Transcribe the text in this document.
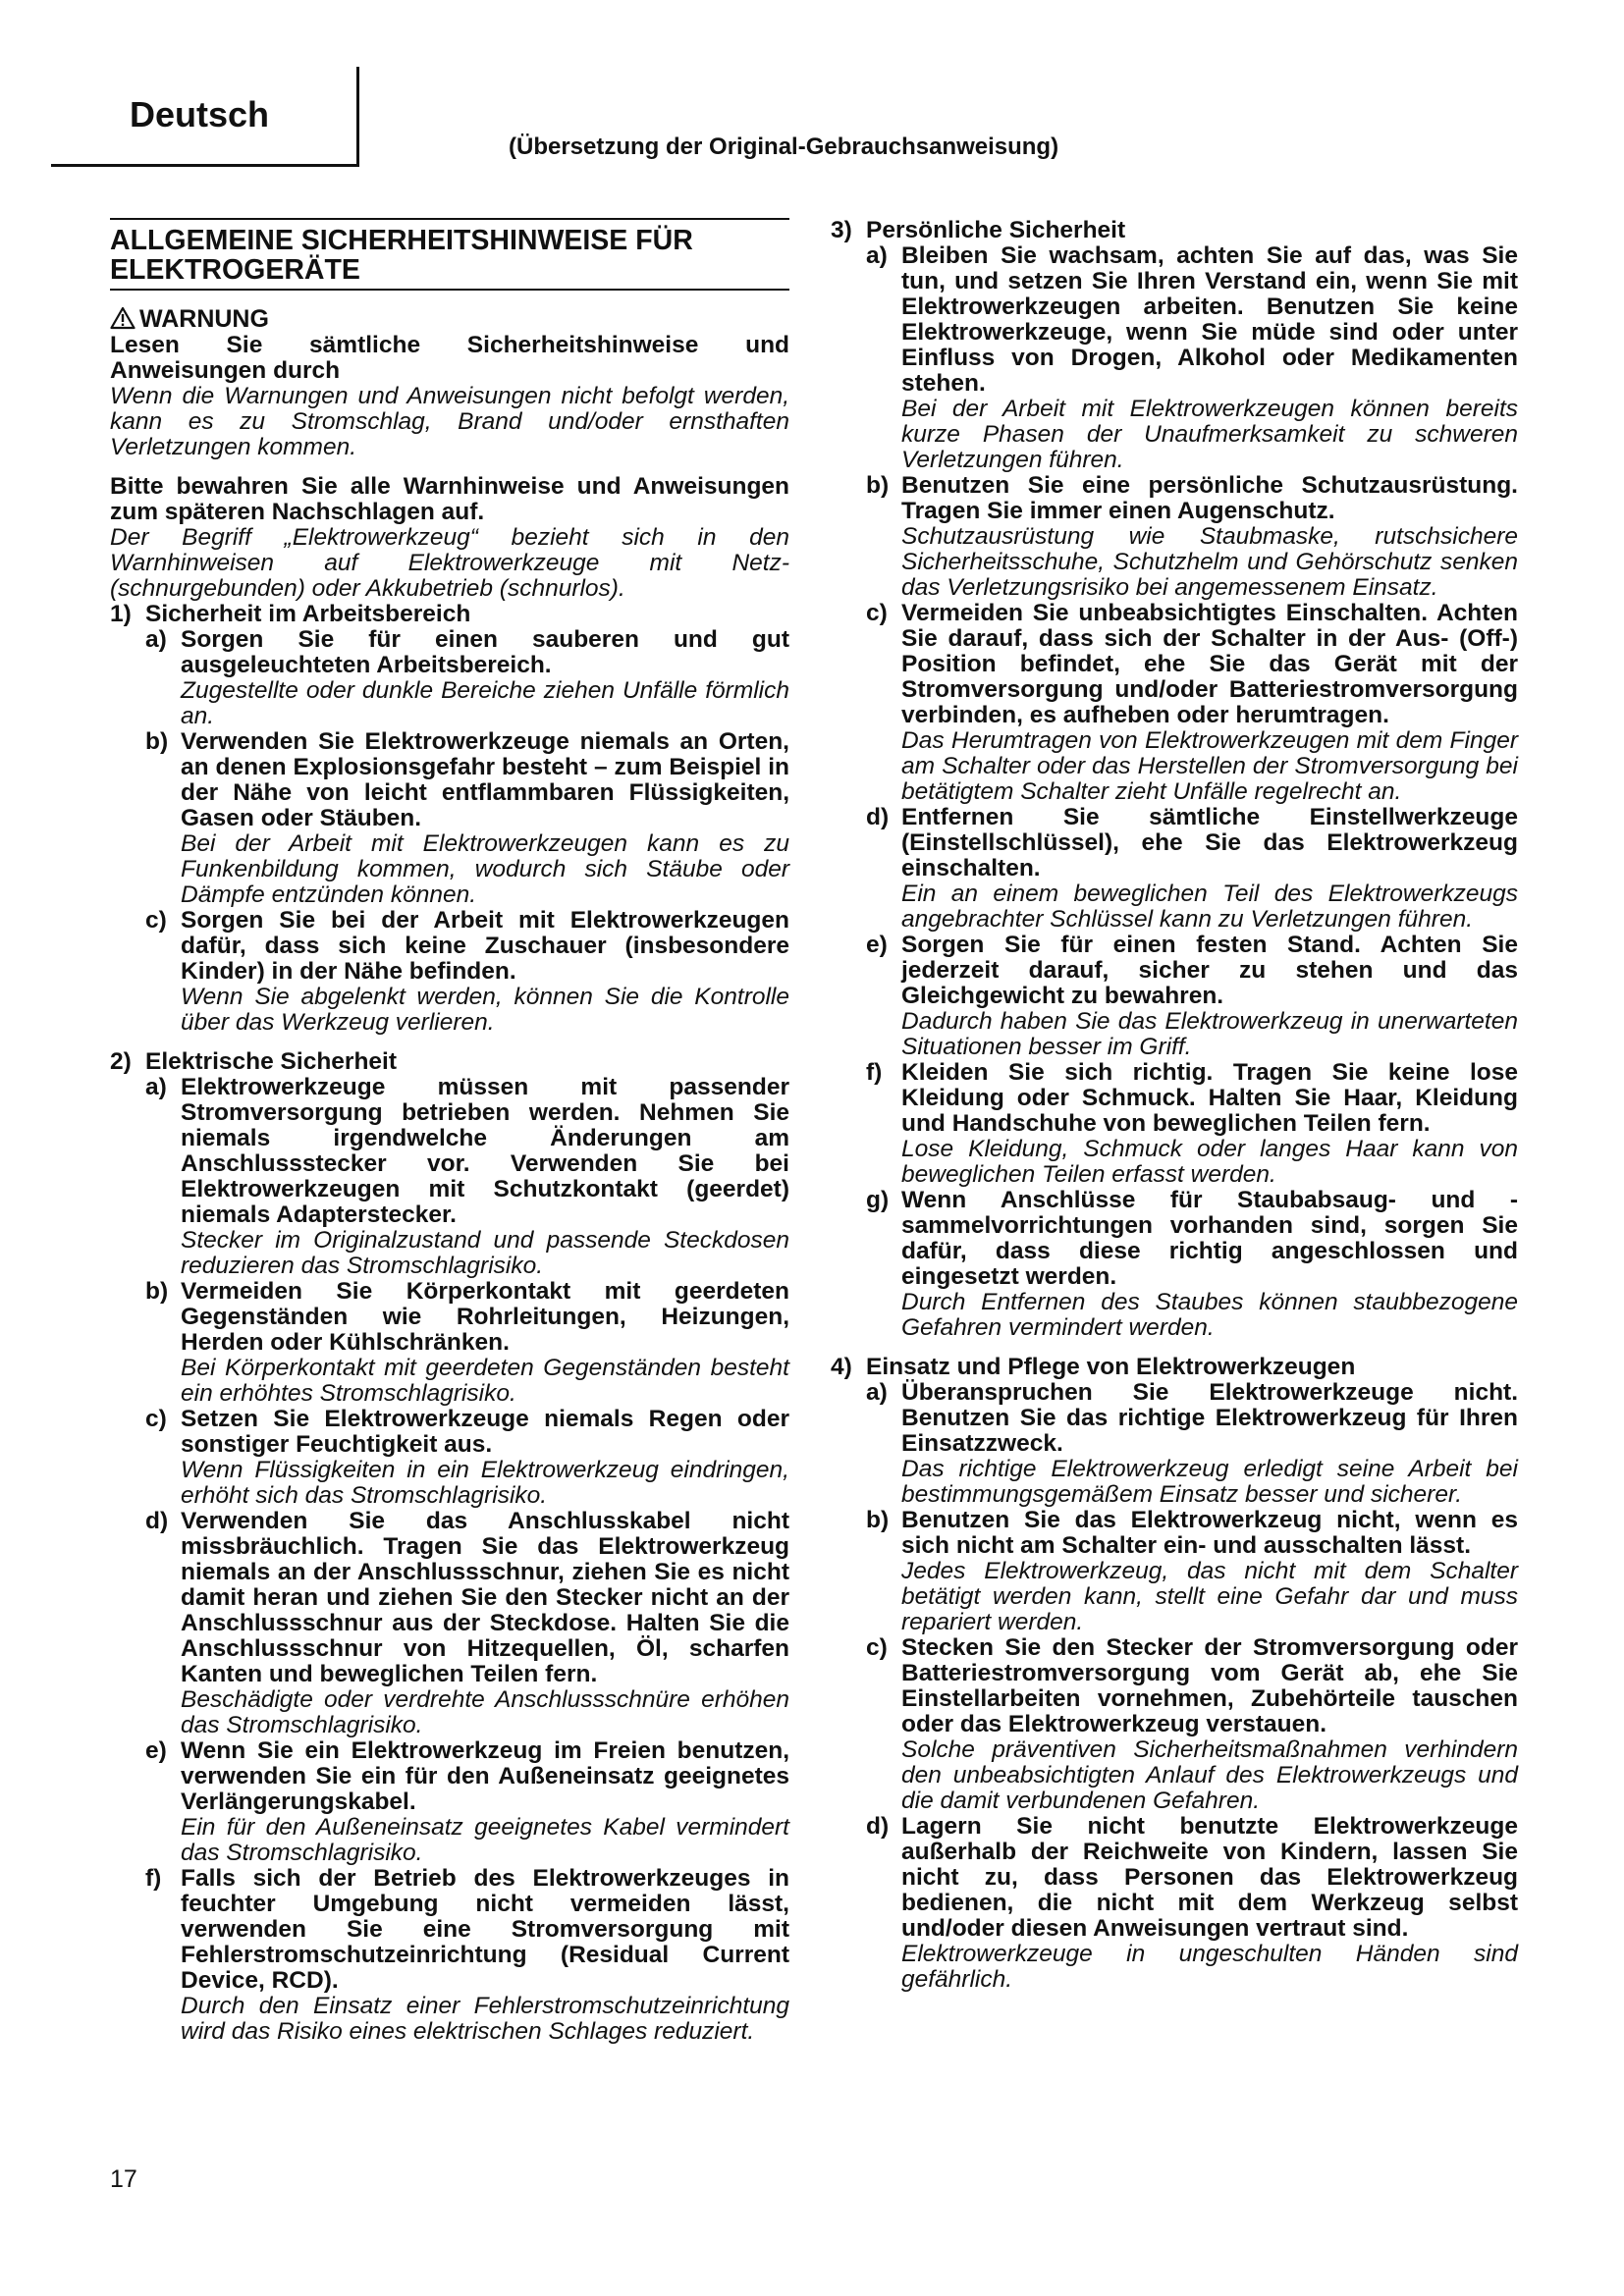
Deutsch
(Übersetzung der Original-Gebrauchsanweisung)
ALLGEMEINE SICHERHEITSHINWEISE FÜR ELEKTROGERÄTE
WARNUNG
Lesen Sie sämtliche Sicherheitshinweise und Anweisungen durch
Wenn die Warnungen und Anweisungen nicht befolgt werden, kann es zu Stromschlag, Brand und/oder ernsthaften Verletzungen kommen.
Bitte bewahren Sie alle Warnhinweise und Anweisungen zum späteren Nachschlagen auf.
Der Begriff „Elektrowerkzeug“ bezieht sich in den Warnhinweisen auf Elektrowerkzeuge mit Netz- (schnurgebunden) oder Akkubetrieb (schnurlos).
1) Sicherheit im Arbeitsbereich
a) Sorgen Sie für einen sauberen und gut ausgeleuchteten Arbeitsbereich.
Zugestellte oder dunkle Bereiche ziehen Unfälle förmlich an.
b) Verwenden Sie Elektrowerkzeuge niemals an Orten, an denen Explosionsgefahr besteht – zum Beispiel in der Nähe von leicht entflammbaren Flüssigkeiten, Gasen oder Stäuben.
Bei der Arbeit mit Elektrowerkzeugen kann es zu Funkenbildung kommen, wodurch sich Stäube oder Dämpfe entzünden können.
c) Sorgen Sie bei der Arbeit mit Elektrowerkzeugen dafür, dass sich keine Zuschauer (insbesondere Kinder) in der Nähe befinden.
Wenn Sie abgelenkt werden, können Sie die Kontrolle über das Werkzeug verlieren.
2) Elektrische Sicherheit
a) Elektrowerkzeuge müssen mit passender Stromversorgung betrieben werden. Nehmen Sie niemals irgendwelche Änderungen am Anschlussstecker vor. Verwenden Sie bei Elektrowerkzeugen mit Schutzkontakt (geerdet) niemals Adapterstecker.
Stecker im Originalzustand und passende Steckdosen reduzieren das Stromschlagrisiko.
b) Vermeiden Sie Körperkontakt mit geerdeten Gegenständen wie Rohrleitungen, Heizungen, Herden oder Kühlschränken.
Bei Körperkontakt mit geerdeten Gegenständen besteht ein erhöhtes Stromschlagrisiko.
c) Setzen Sie Elektrowerkzeuge niemals Regen oder sonstiger Feuchtigkeit aus.
Wenn Flüssigkeiten in ein Elektrowerkzeug eindringen, erhöht sich das Stromschlagrisiko.
d) Verwenden Sie das Anschlusskabel nicht missbräuchlich. Tragen Sie das Elektrowerkzeug niemals an der Anschlussschnur, ziehen Sie es nicht damit heran und ziehen Sie den Stecker nicht an der Anschlussschnur aus der Steckdose. Halten Sie die Anschlussschnur von Hitzequellen, Öl, scharfen Kanten und beweglichen Teilen fern.
Beschädigte oder verdrehte Anschlussschnüre erhöhen das Stromschlagrisiko.
e) Wenn Sie ein Elektrowerkzeug im Freien benutzen, verwenden Sie ein für den Außeneinsatz geeignetes Verlängerungskabel.
Ein für den Außeneinsatz geeignetes Kabel vermindert das Stromschlagrisiko.
f) Falls sich der Betrieb des Elektrowerkzeuges in feuchter Umgebung nicht vermeiden lässt, verwenden Sie eine Stromversorgung mit Fehlerstromschutzeinrichtung (Residual Current Device, RCD).
Durch den Einsatz einer Fehlerstromschutzeinrichtung wird das Risiko eines elektrischen Schlages reduziert.
3) Persönliche Sicherheit
a) Bleiben Sie wachsam, achten Sie auf das, was Sie tun, und setzen Sie Ihren Verstand ein, wenn Sie mit Elektrowerkzeugen arbeiten. Benutzen Sie keine Elektrowerkzeuge, wenn Sie müde sind oder unter Einfluss von Drogen, Alkohol oder Medikamenten stehen.
Bei der Arbeit mit Elektrowerkzeugen können bereits kurze Phasen der Unaufmerksamkeit zu schweren Verletzungen führen.
b) Benutzen Sie eine persönliche Schutzausrüstung. Tragen Sie immer einen Augenschutz.
Schutzausrüstung wie Staubmaske, rutschsichere Sicherheitsschuhe, Schutzhelm und Gehörschutz senken das Verletzungsrisiko bei angemessenem Einsatz.
c) Vermeiden Sie unbeabsichtigtes Einschalten. Achten Sie darauf, dass sich der Schalter in der Aus- (Off-) Position befindet, ehe Sie das Gerät mit der Stromversorgung und/oder Batteriestromversorgung verbinden, es aufheben oder herumtragen.
Das Herumtragen von Elektrowerkzeugen mit dem Finger am Schalter oder das Herstellen der Stromversorgung bei betätigtem Schalter zieht Unfälle regelrecht an.
d) Entfernen Sie sämtliche Einstellwerkzeuge (Einstellschlüssel), ehe Sie das Elektrowerkzeug einschalten.
Ein an einem beweglichen Teil des Elektrowerkzeugs angebrachter Schlüssel kann zu Verletzungen führen.
e) Sorgen Sie für einen festen Stand. Achten Sie jederzeit darauf, sicher zu stehen und das Gleichgewicht zu bewahren.
Dadurch haben Sie das Elektrowerkzeug in unerwarteten Situationen besser im Griff.
f) Kleiden Sie sich richtig. Tragen Sie keine lose Kleidung oder Schmuck. Halten Sie Haar, Kleidung und Handschuhe von beweglichen Teilen fern.
Lose Kleidung, Schmuck oder langes Haar kann von beweglichen Teilen erfasst werden.
g) Wenn Anschlüsse für Staubabsaug- und - sammelvorrichtungen vorhanden sind, sorgen Sie dafür, dass diese richtig angeschlossen und eingesetzt werden.
Durch Entfernen des Staubes können staubbezogene Gefahren vermindert werden.
4) Einsatz und Pflege von Elektrowerkzeugen
a) Überanspruchen Sie Elektrowerkzeuge nicht. Benutzen Sie das richtige Elektrowerkzeug für Ihren Einsatzzweck.
Das richtige Elektrowerkzeug erledigt seine Arbeit bei bestimmungsgemäßem Einsatz besser und sicherer.
b) Benutzen Sie das Elektrowerkzeug nicht, wenn es sich nicht am Schalter ein- und ausschalten lässt.
Jedes Elektrowerkzeug, das nicht mit dem Schalter betätigt werden kann, stellt eine Gefahr dar und muss repariert werden.
c) Stecken Sie den Stecker der Stromversorgung oder Batteriestromversorgung vom Gerät ab, ehe Sie Einstellarbeiten vornehmen, Zubehörteile tauschen oder das Elektrowerkzeug verstauen.
Solche präventiven Sicherheitsmaßnahmen verhindern den unbeabsichtigten Anlauf des Elektrowerkzeugs und die damit verbundenen Gefahren.
d) Lagern Sie nicht benutzte Elektrowerkzeuge außerhalb der Reichweite von Kindern, lassen Sie nicht zu, dass Personen das Elektrowerkzeug bedienen, die nicht mit dem Werkzeug selbst und/oder diesen Anweisungen vertraut sind.
Elektrowerkzeuge in ungeschulten Händen sind gefährlich.
17
